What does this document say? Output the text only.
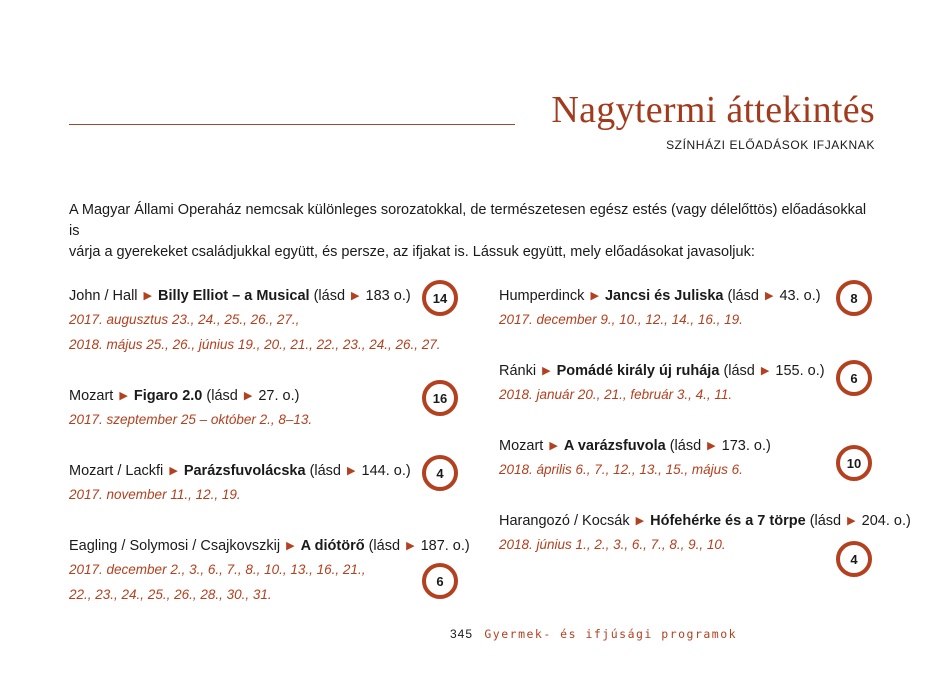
Nagytermi áttekintés
SZÍNHÁZI ELŐADÁSOK IFJAKNAK
A Magyar Állami Operaház nemcsak különleges sorozatokkal, de természetesen egész estés (vagy délelőttös) előadásokkal is
várja a gyerekeket családjukkal együtt, és persze, az ifjakat is. Lássuk együtt, mely előadásokat javasoljuk:
John / Hall ▶ Billy Elliot – a Musical (lásd ▶ 183 o.)
2017. augusztus 23., 24., 25., 26., 27.,
2018. május 25., 26., június 19., 20., 21., 22., 23., 24., 26., 27.
14
Mozart ▶ Figaro 2.0 (lásd ▶ 27. o.)
2017. szeptember 25 – október 2., 8–13.
16
Mozart / Lackfi ▶ Parázsfuvolácska (lásd ▶ 144. o.)
2017. november 11., 12., 19.
4
Eagling / Solymosi / Csajkovszkij ▶ A diótörő (lásd ▶ 187. o.)
2017. december 2., 3., 6., 7., 8., 10., 13., 16., 21.,
22., 23., 24., 25., 26., 28., 30., 31.
6
Humperdinck ▶ Jancsi és Juliska (lásd ▶ 43. o.)
2017. december 9., 10., 12., 14., 16., 19.
8
Ránki ▶ Pomádé király új ruhája (lásd ▶ 155. o.)
2018. január 20., 21., február 3., 4., 11.
6
Mozart ▶ A varázsfuvola (lásd ▶ 173. o.)
2018. április 6., 7., 12., 13., 15., május 6.	10
Harangozó / Kocsák ▶ Hófehérke és a 7 törpe (lásd ▶ 204. o.)
2018. június 1., 2., 3., 6., 7., 8., 9., 10.
4
345 Gyermek- és ifjúsági programok
